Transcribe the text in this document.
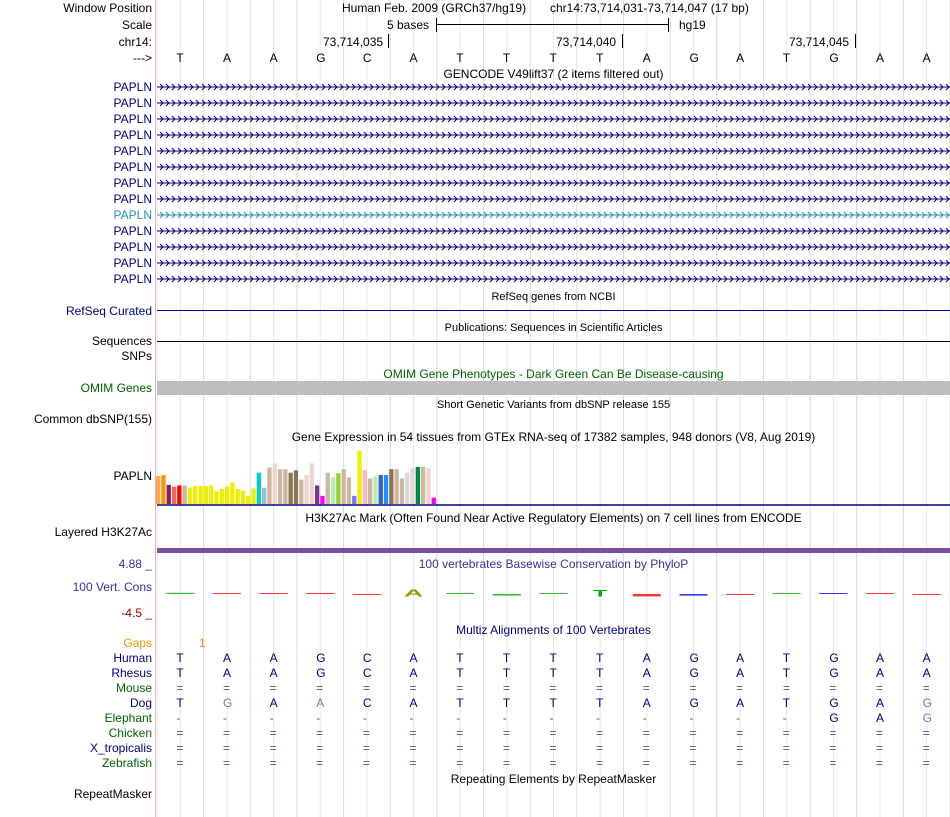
Window Position	Human Feb. 2009 (GRCh37/hg19) chr14:73,714,031-73,714,047 (17 bp)
Scale	5 bases	hg19
chr14:	73,714,035	73,714,040	73,714,045
---> T	A	A	G	C	A	T	T	T	T	A	G	A	T	G	A	A
GENCODE V49lift37 (2 items filtered out)
PAPLN
PAPLN
PAPLN
PAPLN
PAPLN
PAPLN
PAPLN
PAPLN
PAPLN
PAPLN
PAPLN
PAPLN
PAPLN
RefSeq genes from NCBI
RefSeq Curated
Publications: Sequences in Scientific Articles
Sequences
SNPs
OMIM Gene Phenotypes - Dark Green Can Be Disease-causing
OMIM Genes
Short Genetic Variants from dbSNP release 155
Common dbSNP(155)
Gene Expression in 54 tissues from GTEx RNA-seq of 17382 samples, 948 donors (V8, Aug 2019)
PAPLN
H3K27Ac Mark (Often Found Near Active Regulatory Elements) on 7 cell lines from ENCODE
Layered H3K27Ac
100 vertebrates Basewise Conservation by PhyloP
4.88 _
100 Vert. Cons
-4.5 _
A	T
Multiz Alignments of 100 Vertebrates
Gaps	1
Human T	A	A	G	C	A	T	T	T	T	A	G	A	T	G	A	A
Rhesus T	A	A	G	C	A	T	T	T	T	A	G	A	T	G	A	A
Mouse =	=	=	=	=	=	=	=	=	=	=	=	=	=	=	=	=
Dog T	G	A	A	C	A	T	T	T	T	A	G	A	T	G	A	G
Elephant -	-	-	-	-	-	-	-	-	-	-	-	-	-	G	A	G
Chicken =	=	=	=	=	=	=	=	=	=	=	=	=	=	=	=	=
X_tropicalis =	=	=	=	=	=	=	=	=	=	=	=	=	=	=	=	=
Zebrafish =	=	=	=	=	=	=	=	=	=	=	=	=	=	=	=	=
Repeating Elements by RepeatMasker
RepeatMasker
